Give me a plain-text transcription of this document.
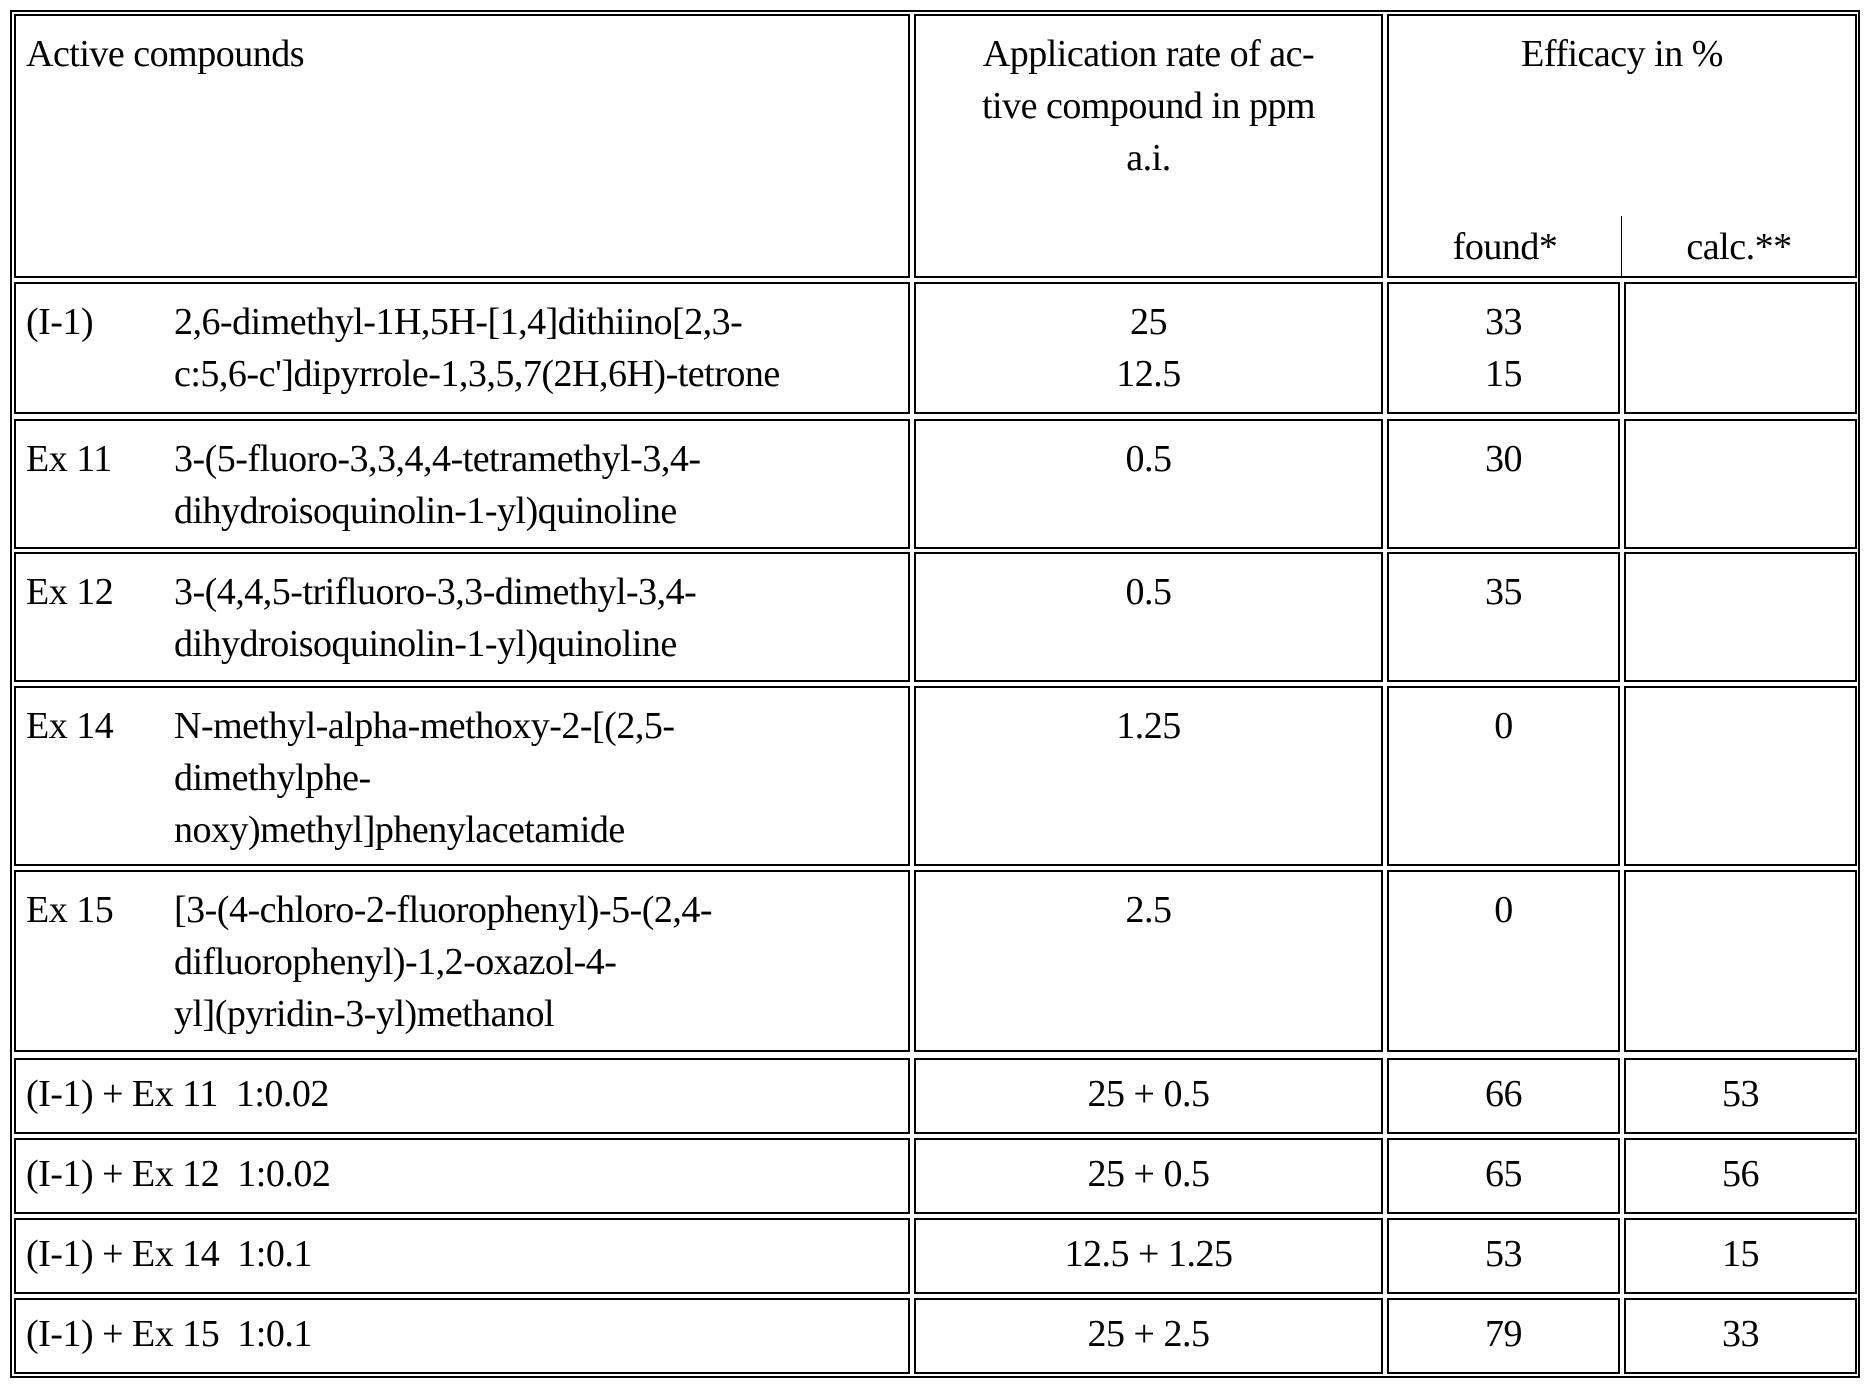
Active compounds	Application rate of ac-
tive compound in ppm
a.i.
Efficacy in %
found*	calc.**
(I-1) 2,6-dimethyl-1H,5H-[1,4]dithiino[2,3-
c:5,6-c']dipyrrole-1,3,5,7(2H,6H)-tetrone
25
12.5
33
15
Ex 11 3-(5-fluoro-3,3,4,4-tetramethyl-3,4-
dihydroisoquinolin-1-yl)quinoline
0.5	30
Ex 12 3-(4,4,5-trifluoro-3,3-dimethyl-3,4-
dihydroisoquinolin-1-yl)quinoline
0.5	35
Ex 14 N-methyl-alpha-methoxy-2-[(2,5-
dimethylphe-
noxy)methyl]phenylacetamide
1.25	0
Ex 15 [3-(4-chloro-2-fluorophenyl)-5-(2,4-
difluorophenyl)-1,2-oxazol-4-
yl](pyridin-3-yl)methanol
2.5	0
(I-1) + Ex 11  1:0.02	25 + 0.5	66	53
(I-1) + Ex 12  1:0.02	25 + 0.5	65	56
(I-1) + Ex 14  1:0.1	12.5 + 1.25	53	15
(I-1) + Ex 15  1:0.1	25 + 2.5	79	33
